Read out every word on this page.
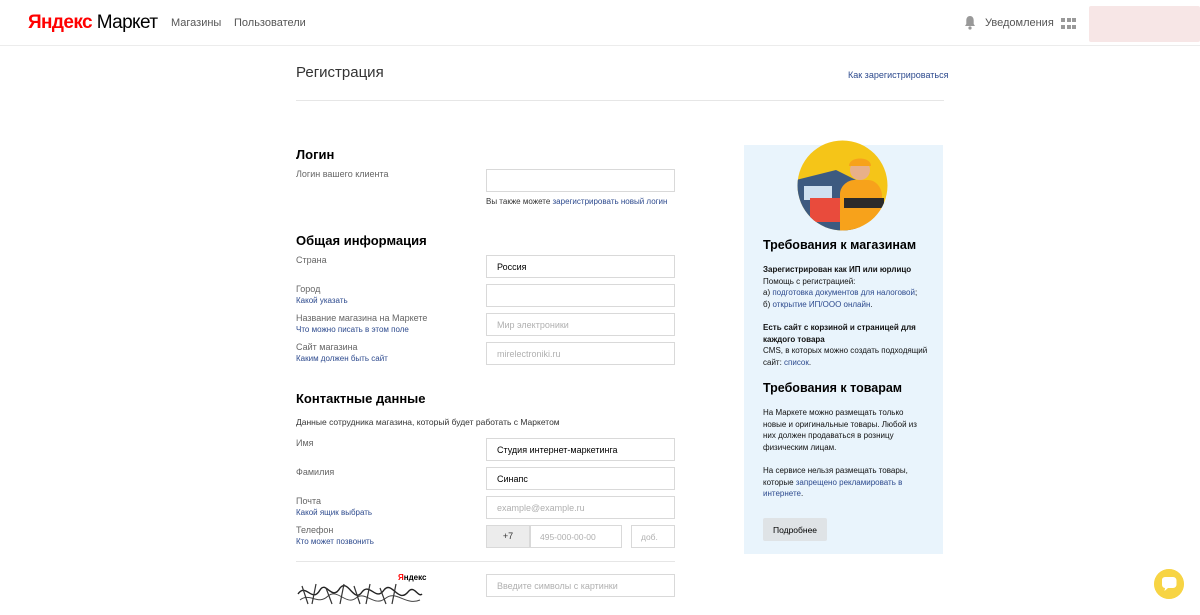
Яндекс Маркет Магазины Пользователи	Уведомления
Регистрация	Как зарегистрироваться
Логин
Логин вашего клиента
Вы также можете зарегистрировать новый логин
Общая информация
Страна
Россия
Город
Какой указать
Название магазина на Маркете
Что можно писать в этом поле
Мир электроники
Сайт магазина
Каким должен быть сайт
mirelectroniki.ru
Контактные данные
Данные сотрудника магазина, который будет работать с Маркетом
Имя
Студия интернет-маркетинга
Фамилия
Синапс
Почта
Какой ящик выбрать
example@example.ru
Телефон
Кто может позвонить
+7
495-000-00-00
доб.
Яндекс
Введите символы с картинки
Требования к магазинам
Зарегистрирован как ИП или юрлицо
Помощь с регистрацией:
а) подготовка документов для налоговой;
б) открытие ИП/ООО онлайн.
Есть сайт с корзиной и страницей для каждого товара
CMS, в которых можно создать подходящий сайт: список.
Требования к товарам
На Маркете можно размещать только новые и оригинальные товары. Любой из них должен продаваться в розницу физическим лицам.
На сервисе нельзя размещать товары, которые запрещено рекламировать в интернете.
Подробнее
